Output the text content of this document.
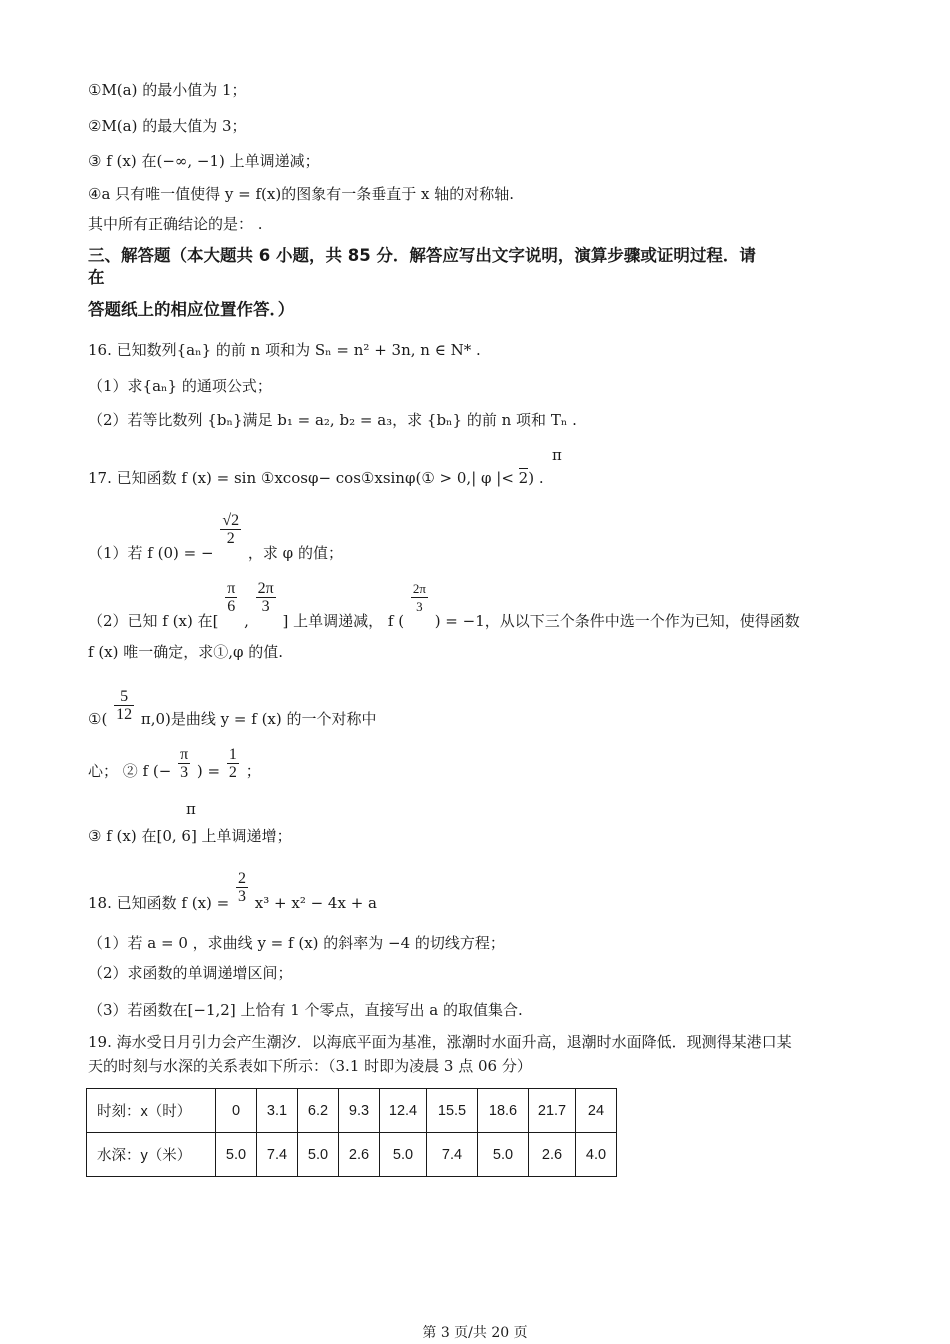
①M(a) 的最小值为 1；
②M(a) 的最大值为 3；
③ f (x) 在(−∞, −1) 上单调递减；
④a 只有唯一值使得 y = f(x)的图象有一条垂直于 x 轴的对称轴.
其中所有正确结论的是： .
三、解答题（本大题共 6 小题，共 85 分．解答应写出文字说明，演算步骤或证明过程．请
在
答题纸上的相应位置作答．）
16. 已知数列{aₙ} 的前 n 项和为 Sₙ = n² + 3n, n ∈ N* .
（1）求{aₙ} 的通项公式；
（2）若等比数列 {bₙ}满足 b₁ = a₂, b₂ = a₃，求 {bₙ} 的前 n 项和 Tₙ .
π
17. 已知函数 f (x) = sin ①xcosφ− cos①xsinφ(① > 0,| φ |< 2) .
（1）若 f (0) = −
$\frac{√2}{2}$
，求 φ 的值；
（2）已知 f (x) 在[
$\frac{\pi}{6}$
,
$\frac{2\pi}{3}$
] 上单调递减， f (
$\frac{2\pi}{3}$
) = −1，从以下三个条件中选一个作为已知，使得函数
f (x) 唯一确定，求①,φ 的值.
①( $\frac{5}{12} \pi,0$)是曲线 y = f (x) 的一个对称中
心； ② f (− $\frac{\pi}{3}$ ) = $\frac{1}{2}$ ；
π
③ f (x) 在[0, 6] 上单调递增；
18. 已知函数 f $(x) = \frac{2}{3} x^3 + x^2 - 4x + a$
（1）若 a = 0 ，求曲线 y = f (x) 的斜率为 −4 的切线方程；
（2）求函数的单调递增区间；
（3）若函数在[−1,2] 上恰有 1 个零点，直接写出 a 的取值集合.
19. 海水受日月引力会产生潮汐．以海底平面为基准，涨潮时水面升高，退潮时水面降低．现测得某港口某
天的时刻与水深的关系表如下所示：（3.1 时即为凌晨 3 点 06 分）
时刻：x（时）	0	3.1	6.2	9.3	12.4	15.5	18.6	21.7	24
水深：y（米）	5.0	7.4	5.0	2.6	5.0	7.4	5.0	2.6	4.0
第 3 页/共 20 页
